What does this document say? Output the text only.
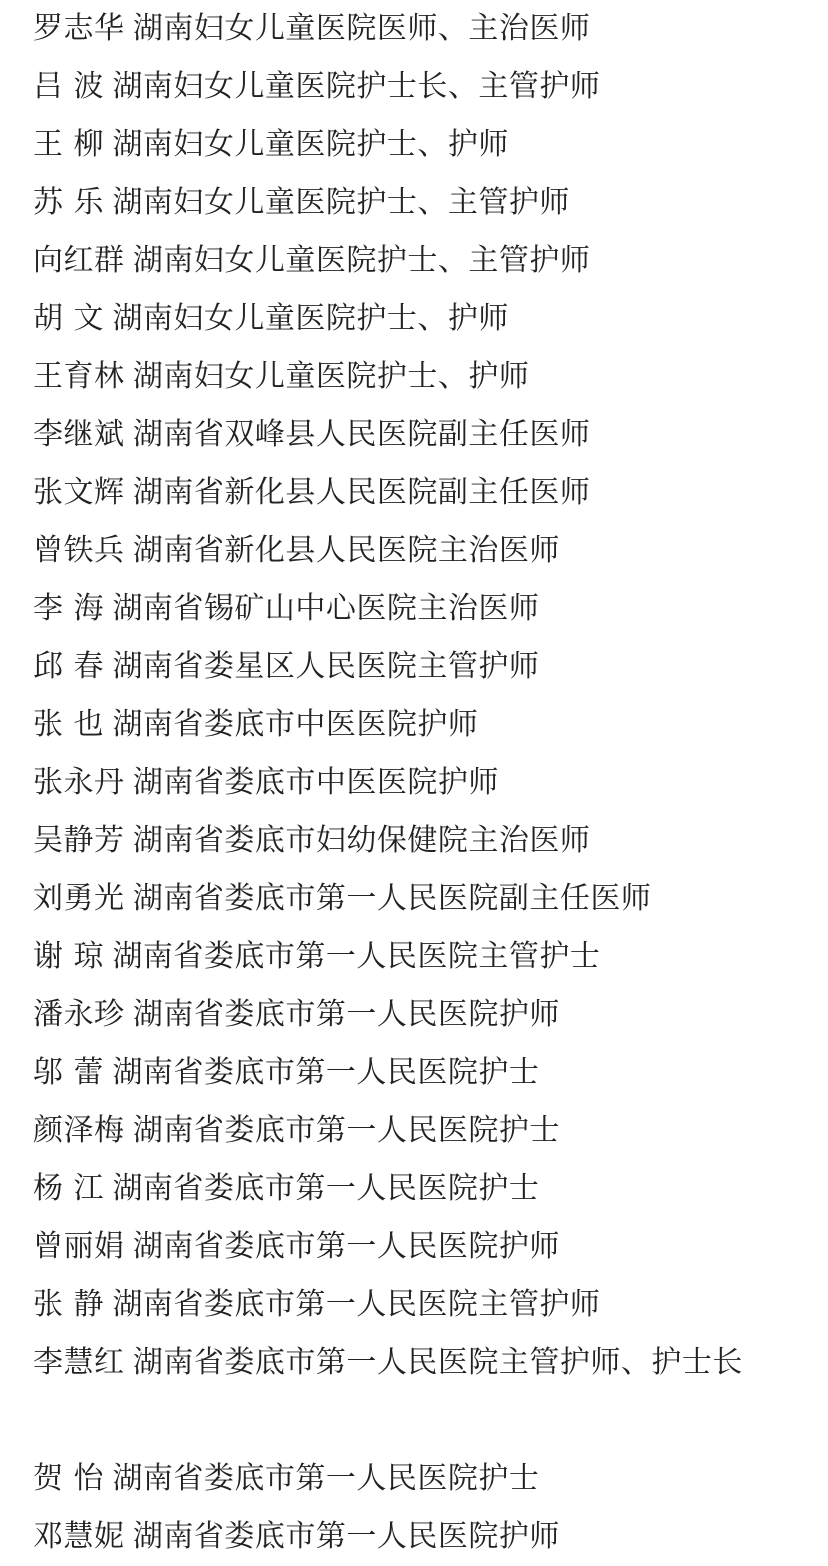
罗志华 湖南妇女儿童医院医师、主治医师
吕 波 湖南妇女儿童医院护士长、主管护师
王 柳 湖南妇女儿童医院护士、护师
苏 乐 湖南妇女儿童医院护士、主管护师
向红群 湖南妇女儿童医院护士、主管护师
胡 文 湖南妇女儿童医院护士、护师
王育林 湖南妇女儿童医院护士、护师
李继斌 湖南省双峰县人民医院副主任医师
张文辉 湖南省新化县人民医院副主任医师
曾铁兵 湖南省新化县人民医院主治医师
李 海 湖南省锡矿山中心医院主治医师
邱 春 湖南省娄星区人民医院主管护师
张 也 湖南省娄底市中医医院护师
张永丹 湖南省娄底市中医医院护师
吴静芳 湖南省娄底市妇幼保健院主治医师
刘勇光 湖南省娄底市第一人民医院副主任医师
谢 琼 湖南省娄底市第一人民医院主管护士
潘永珍 湖南省娄底市第一人民医院护师
邬 蕾 湖南省娄底市第一人民医院护士
颜泽梅 湖南省娄底市第一人民医院护士
杨 江 湖南省娄底市第一人民医院护士
曾丽娟 湖南省娄底市第一人民医院护师
张 静 湖南省娄底市第一人民医院主管护师
李慧红 湖南省娄底市第一人民医院主管护师、护士长
贺 怡 湖南省娄底市第一人民医院护士
邓慧妮 湖南省娄底市第一人民医院护师
